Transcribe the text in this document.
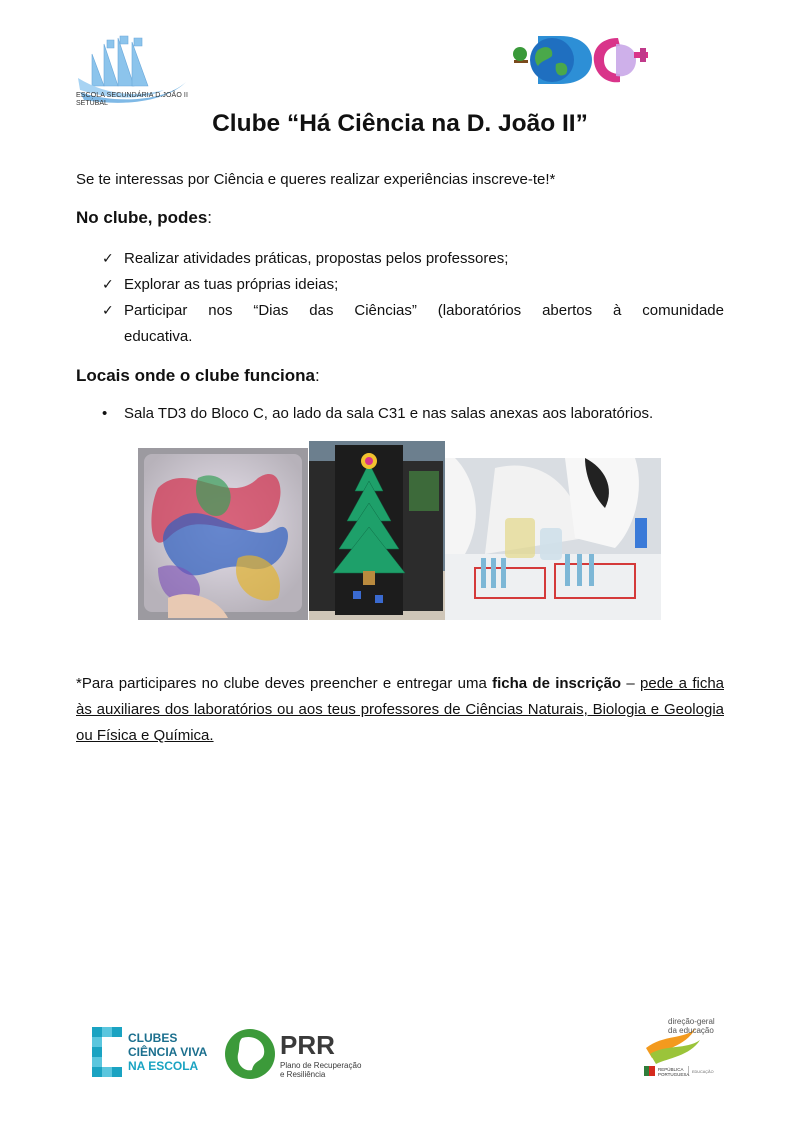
ESCOLA SECUNDÁRIA D.JOÃO II
SETÚBAL
Clube “Há Ciência na D. João II”
Se te interessas por Ciência e queres realizar experiências inscreve-te!*
No clube, podes:
✓ Realizar atividades práticas, propostas pelos professores;
✓ Explorar as tuas próprias ideias;
✓ Participar nos “Dias das Ciências” (laboratórios abertos à comunidade
educativa.
Locais onde o clube funciona:
• Sala TD3 do Bloco C, ao lado da sala C31 e nas salas anexas aos laboratórios.
*Para participares no clube deves preencher e entregar uma ficha de inscrição – pede a ficha às auxiliares dos laboratórios ou aos teus professores de Ciências Naturais, Biologia e Geologia ou Física e Química.
CLUBES
CIÊNCIA VIVA
NA ESCOLA
PRR
Plano de Recuperação
e Resiliência
direção-geral
da educação
REPÚBLICA
PORTUGUESA EDUCAÇÃO
